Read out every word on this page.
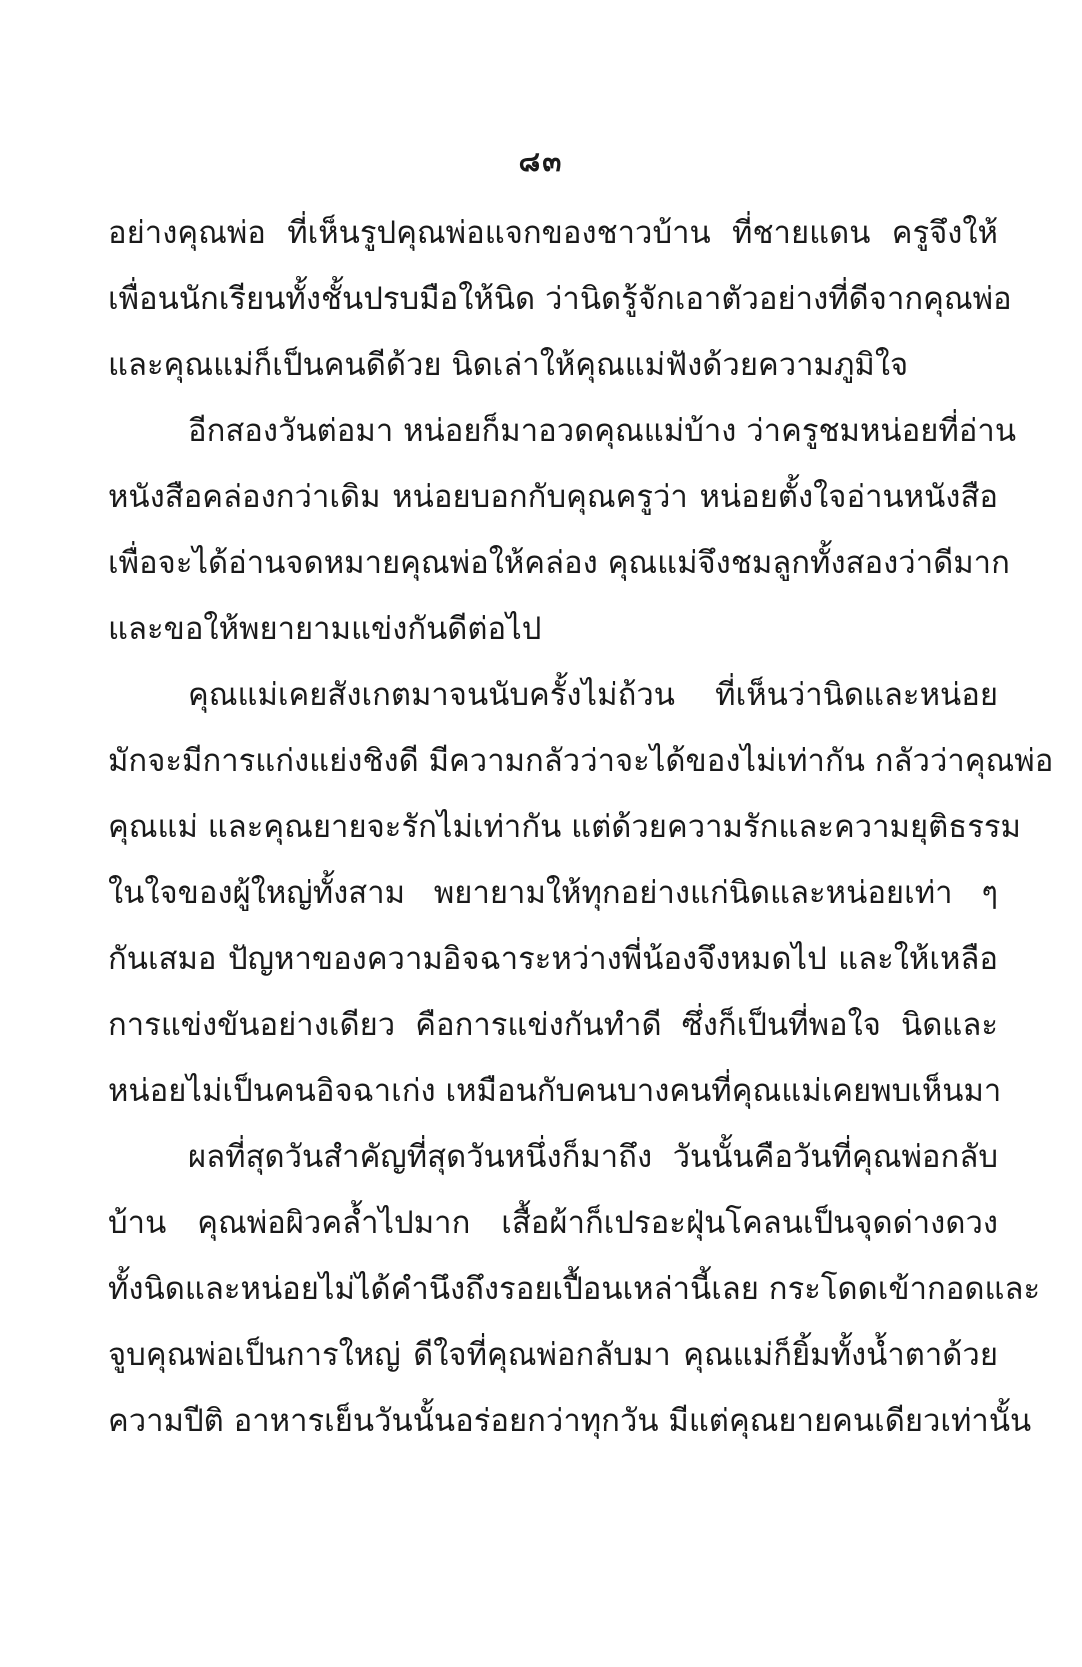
๘๓
อย่างคุณพ่อ ที่เห็นรูปคุณพ่อแจกของชาวบ้าน ที่ชายแดน ครูจึงให้
เพื่อนนักเรียนทั้งชั้นปรบมือให้นิด ว่านิดรู้จักเอาตัวอย่างที่ดีจากคุณพ่อ
และคุณแม่ก็เป็นคนดีด้วย นิดเล่าให้คุณแม่ฟังด้วยความภูมิใจ
อีกสองวันต่อมา หน่อยก็มาอวดคุณแม่บ้าง ว่าครูชมหน่อยที่อ่าน
หนังสือคล่องกว่าเดิม หน่อยบอกกับคุณครูว่า หน่อยตั้งใจอ่านหนังสือ
เพื่อจะได้อ่านจดหมายคุณพ่อให้คล่อง คุณแม่จึงชมลูกทั้งสองว่าดีมาก
และขอให้พยายามแข่งกันดีต่อไป
คุณแม่เคยสังเกตมาจนนับครั้งไม่ถ้วน ที่เห็นว่านิดและหน่อย
มักจะมีการแก่งแย่งชิงดี มีความกลัวว่าจะได้ของไม่เท่ากัน กลัวว่าคุณพ่อ
คุณแม่ และคุณยายจะรักไม่เท่ากัน แต่ด้วยความรักและความยุติธรรม
ในใจของผู้ใหญ่ทั้งสาม พยายามให้ทุกอย่างแก่นิดและหน่อยเท่า ๆ
กันเสมอ ปัญหาของความอิจฉาระหว่างพี่น้องจึงหมดไป และให้เหลือ
การแข่งขันอย่างเดียว คือการแข่งกันทำดี ซึ่งก็เป็นที่พอใจ นิดและ
หน่อยไม่เป็นคนอิจฉาเก่ง เหมือนกับคนบางคนที่คุณแม่เคยพบเห็นมา
ผลที่สุดวันสำคัญที่สุดวันหนึ่งก็มาถึง วันนั้นคือวันที่คุณพ่อกลับ
บ้าน คุณพ่อผิวคล้ำไปมาก เสื้อผ้าก็เปรอะฝุ่นโคลนเป็นจุดด่างดวง
ทั้งนิดและหน่อยไม่ได้คำนึงถึงรอยเปื้อนเหล่านี้เลย กระโดดเข้ากอดและ
จูบคุณพ่อเป็นการใหญ่ ดีใจที่คุณพ่อกลับมา คุณแม่ก็ยิ้มทั้งน้ำตาด้วย
ความปีติ อาหารเย็นวันนั้นอร่อยกว่าทุกวัน มีแต่คุณยายคนเดียวเท่านั้น
